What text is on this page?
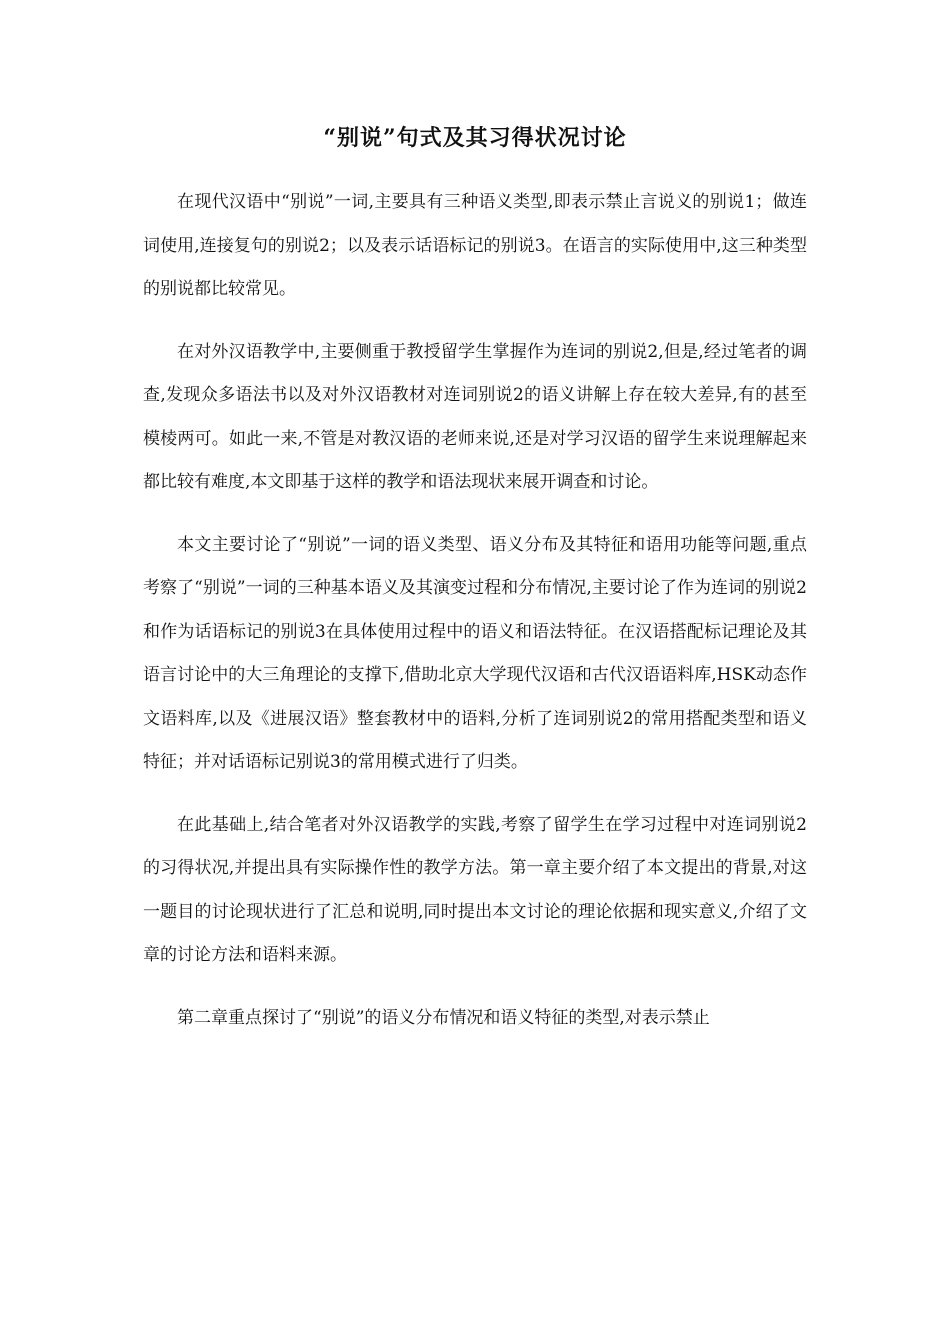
“别说”句式及其习得状况讨论

在现代汉语中“别说”一词,主要具有三种语义类型,即表示禁止言说义的别说1；做连词使用,连接复句的别说2；以及表示话语标记的别说3。在语言的实际使用中,这三种类型的别说都比较常见。

在对外汉语教学中,主要侧重于教授留学生掌握作为连词的别说2,但是,经过笔者的调查,发现众多语法书以及对外汉语教材对连词别说2的语义讲解上存在较大差异,有的甚至模棱两可。如此一来,不管是对教汉语的老师来说,还是对学习汉语的留学生来说理解起来都比较有难度,本文即基于这样的教学和语法现状来展开调查和讨论。

本文主要讨论了“别说”一词的语义类型、语义分布及其特征和语用功能等问题,重点考察了“别说”一词的三种基本语义及其演变过程和分布情况,主要讨论了作为连词的别说2和作为话语标记的别说3在具体使用过程中的语义和语法特征。在汉语搭配标记理论及其语言讨论中的大三角理论的支撑下,借助北京大学现代汉语和古代汉语语料库,HSK动态作文语料库,以及《进展汉语》整套教材中的语料,分析了连词别说2的常用搭配类型和语义特征；并对话语标记别说3的常用模式进行了归类。

在此基础上,结合笔者对外汉语教学的实践,考察了留学生在学习过程中对连词别说2的习得状况,并提出具有实际操作性的教学方法。第一章主要介绍了本文提出的背景,对这一题目的讨论现状进行了汇总和说明,同时提出本文讨论的理论依据和现实意义,介绍了文章的讨论方法和语料来源。

第二章重点探讨了“别说”的语义分布情况和语义特征的类型,对表示禁止
